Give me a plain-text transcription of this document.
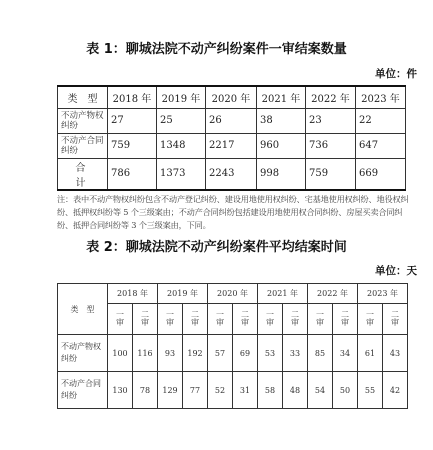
表 1：聊城法院不动产纠纷案件一审结案数量
单位：件
类　型	2018 年	2019 年	2020 年	2021 年	2022 年	2023 年
不动产物权纠纷	27	25	26	38	23	22
不动产合同纠纷	759	1348	2217	960	736	647
合　计	786	1373	2243	998	759	669
注：表中不动产物权纠纷包含不动产登记纠纷、建设用地使用权纠纷、宅基地使用权纠纷、地役权纠纷、抵押权纠纷等 5 个三级案由；不动产合同纠纷包括建设用地使用权合同纠纷、房屋买卖合同纠纷、抵押合同纠纷等 3 个三级案由，下同。
表 2：聊城法院不动产纠纷案件平均结案时间
单位：天
类　型	2018 年		2019 年		2020 年		2021 年		2022 年		2023 年	
	一审	二审	一审	二审	一审	二审	一审	二审	一审	二审	一审	二审
不动产物权纠纷	100	116	93	192	57	69	53	33	85	34	61	43
不动产合同纠纷	130	78	129	77	52	31	58	48	54	50	55	42
